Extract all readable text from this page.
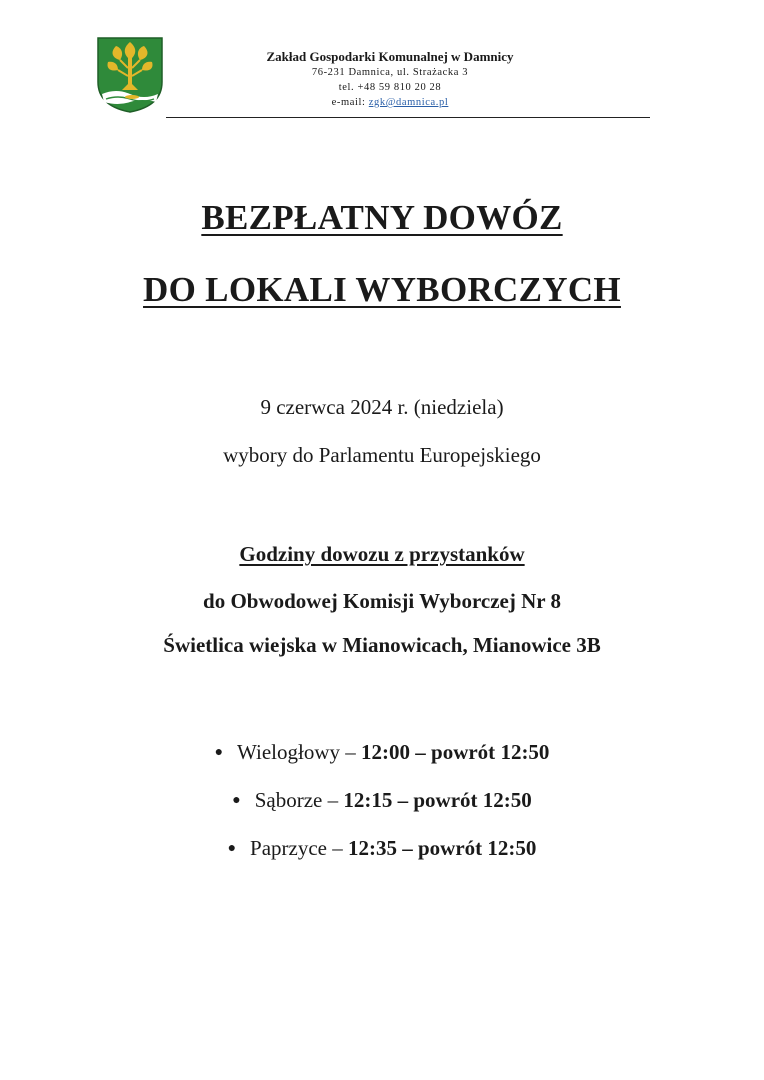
Zakład Gospodarki Komunalnej w Damnicy
76-231 Damnica, ul. Strażacka 3
tel. +48 59 810 20 28
e-mail: zgk@damnica.pl
BEZPŁATNY DOWÓZ
DO LOKALI WYBORCZYCH
9 czerwca 2024 r. (niedziela)
wybory do Parlamentu Europejskiego
Godziny dowozu z przystanków
do Obwodowej Komisji Wyborczej Nr 8
Świetlica wiejska w Mianowicach, Mianowice 3B
● Wielogłowy – 12:00 – powrót 12:50
● Sąborze – 12:15 – powrót 12:50
● Paprzyce – 12:35 – powrót 12:50
